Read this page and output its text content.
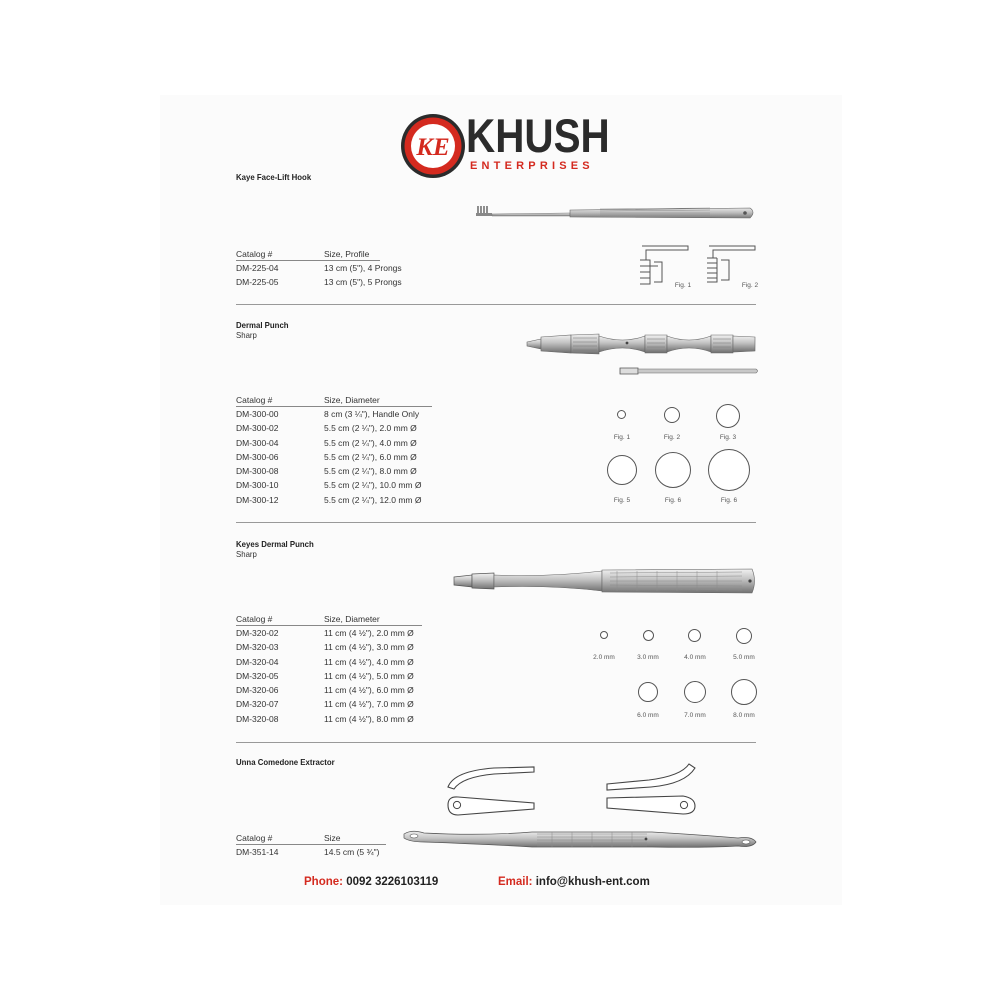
KE KHUSH
ENTERPRISES
Kaye Face-Lift Hook
Catalog #	Size, Profile
DM-225-04	13 cm (5"), 4 Prongs
DM-225-05	13 cm (5"), 5 Prongs	Fig. 1	Fig. 2
Dermal Punch
Sharp
Catalog #	Size, Diameter
DM-300-00	8 cm (3 ¼"), Handle Only
DM-300-02	5.5 cm (2 ¼"), 2.0 mm Ø
DM-300-04	5.5 cm (2 ¼"), 4.0 mm Ø
DM-300-06	5.5 cm (2 ¼"), 6.0 mm Ø
DM-300-08	5.5 cm (2 ¼"), 8.0 mm Ø
DM-300-10	5.5 cm (2 ¼"), 10.0 mm Ø
DM-300-12	5.5 cm (2 ¼"), 12.0 mm Ø
Fig. 1	Fig. 2	Fig. 3
Fig. 5	Fig. 6	Fig. 6
Keyes Dermal Punch
Sharp
Catalog #	Size, Diameter
DM-320-02	11 cm (4 ½"), 2.0 mm Ø
DM-320-03	11 cm (4 ½"), 3.0 mm Ø
DM-320-04	11 cm (4 ½"), 4.0 mm Ø
DM-320-05	11 cm (4 ½"), 5.0 mm Ø
DM-320-06	11 cm (4 ½"), 6.0 mm Ø
DM-320-07	11 cm (4 ½"), 7.0 mm Ø
DM-320-08	11 cm (4 ½"), 8.0 mm Ø
2.0 mm	3.0 mm	4.0 mm	5.0 mm
6.0 mm	7.0 mm	8.0 mm
Unna Comedone Extractor
Catalog #	Size
DM-351-14	14.5 cm (5 ¾")
Phone: 0092 3226103119	Email: info@khush-ent.com
